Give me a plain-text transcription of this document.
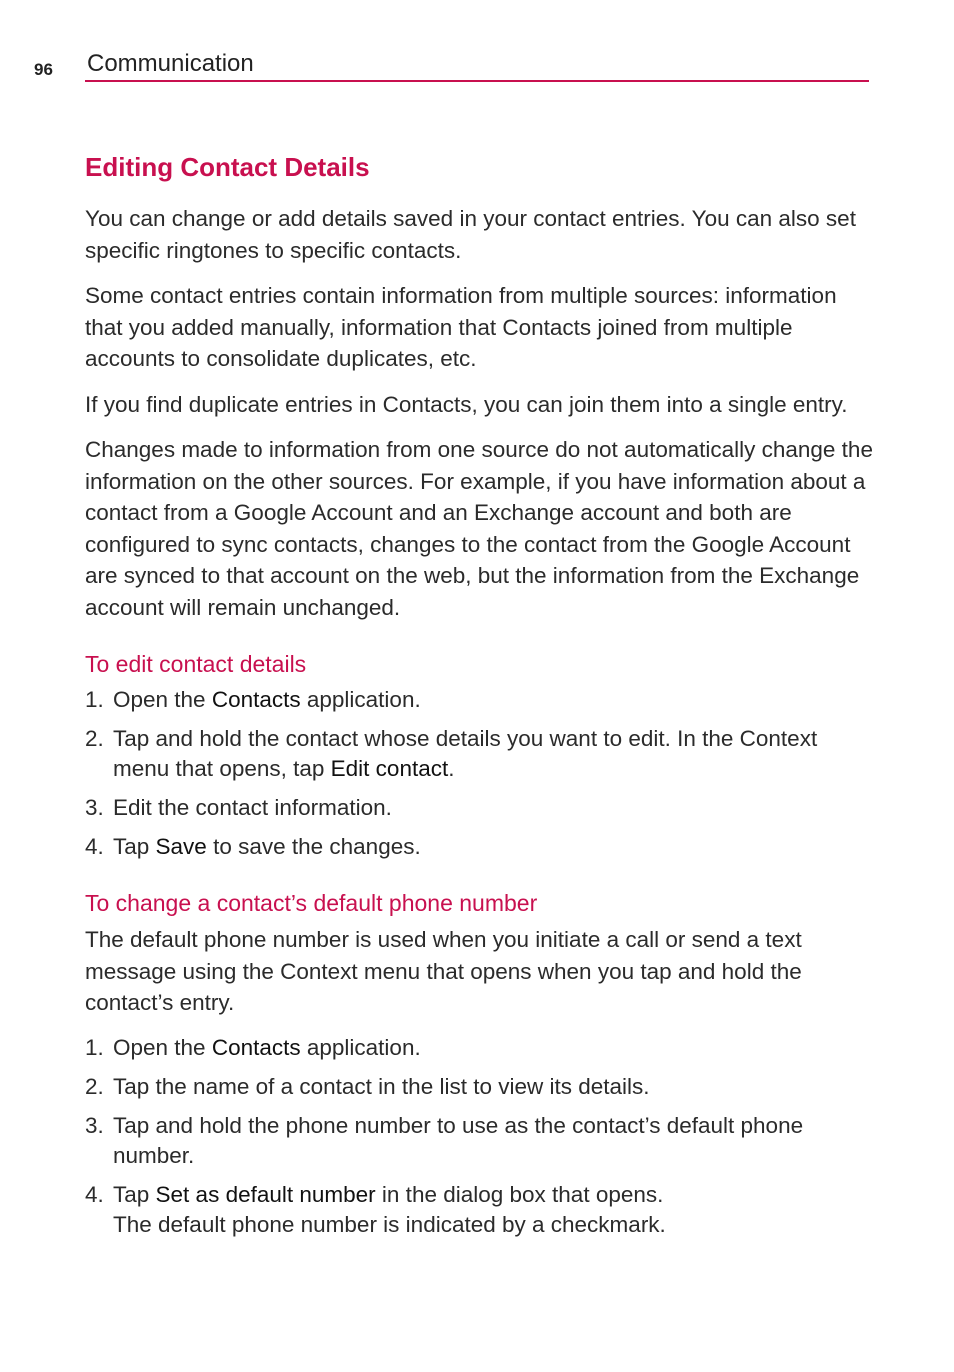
96 Communication
Editing Contact Details

You can change or add details saved in your contact entries. You can also set specific ringtones to specific contacts.

Some contact entries contain information from multiple sources: information that you added manually, information that Contacts joined from multiple accounts to consolidate duplicates, etc.

If you find duplicate entries in Contacts, you can join them into a single entry.

Changes made to information from one source do not automatically change the information on the other sources. For example, if you have information about a contact from a Google Account and an Exchange account and both are configured to sync contacts, changes to the contact from the Google Account are synced to that account on the web, but the information from the Exchange account will remain unchanged.

To edit contact details
1. Open the Contacts application.
2. Tap and hold the contact whose details you want to edit. In the Context menu that opens, tap Edit contact.
3. Edit the contact information.
4. Tap Save to save the changes.
To change a contact’s default phone number

The default phone number is used when you initiate a call or send a text message using the Context menu that opens when you tap and hold the contact’s entry.

1. Open the Contacts application.
2. Tap the name of a contact in the list to view its details.
3. Tap and hold the phone number to use as the contact’s default phone number.
4. Tap Set as default number in the dialog box that opens.
The default phone number is indicated by a checkmark.
